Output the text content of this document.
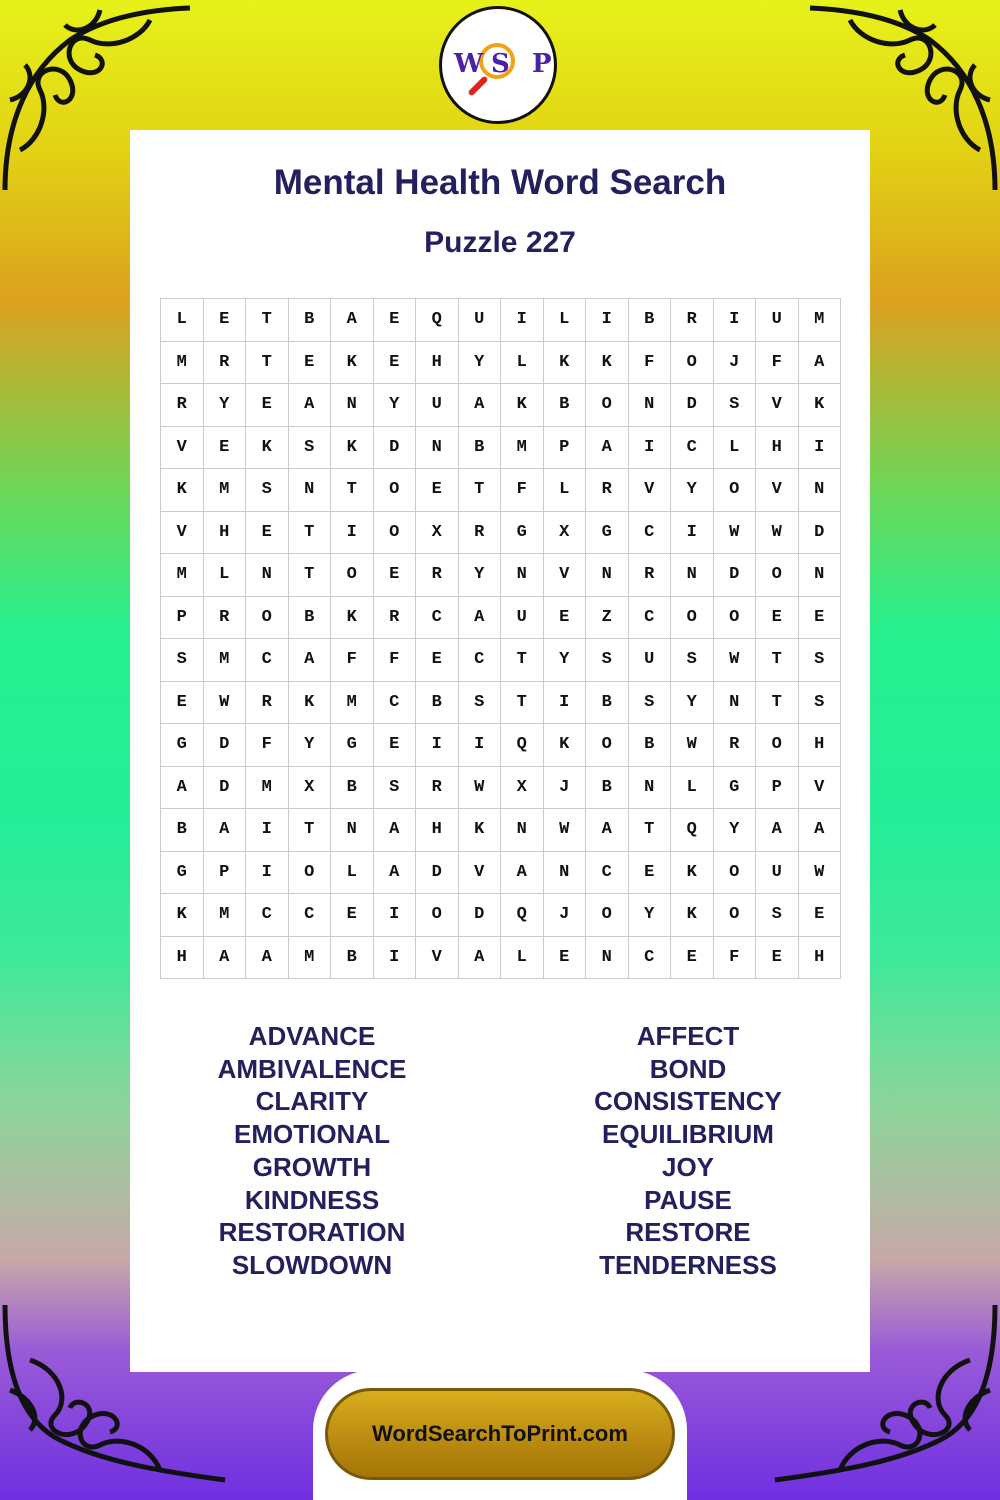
Mental Health Word Search
Puzzle 227
L	E	T	B	A	E	Q	U	I	L	I	B	R	I	U	M
M	R	T	E	K	E	H	Y	L	K	K	F	O	J	F	A
R	Y	E	A	N	Y	U	A	K	B	O	N	D	S	V	K
V	E	K	S	K	D	N	B	M	P	A	I	C	L	H	I
K	M	S	N	T	O	E	T	F	L	R	V	Y	O	V	N
V	H	E	T	I	O	X	R	G	X	G	C	I	W	W	D
M	L	N	T	O	E	R	Y	N	V	N	R	N	D	O	N
P	R	O	B	K	R	C	A	U	E	Z	C	O	O	E	E
S	M	C	A	F	F	E	C	T	Y	S	U	S	W	T	S
E	W	R	K	M	C	B	S	T	I	B	S	Y	N	T	S
G	D	F	Y	G	E	I	I	Q	K	O	B	W	R	O	H
A	D	M	X	B	S	R	W	X	J	B	N	L	G	P	V
B	A	I	T	N	A	H	K	N	W	A	T	Q	Y	A	A
G	P	I	O	L	A	D	V	A	N	C	E	K	O	U	W
K	M	C	C	E	I	O	D	Q	J	O	Y	K	O	S	E
H	A	A	M	B	I	V	A	L	E	N	C	E	F	E	H
ADVANCE
AMBIVALENCE
CLARITY
EMOTIONAL
GROWTH
KINDNESS
RESTORATION
SLOWDOWN
AFFECT
BOND
CONSISTENCY
EQUILIBRIUM
JOY
PAUSE
RESTORE
TENDERNESS
W S P
WordSearchToPrint.com
